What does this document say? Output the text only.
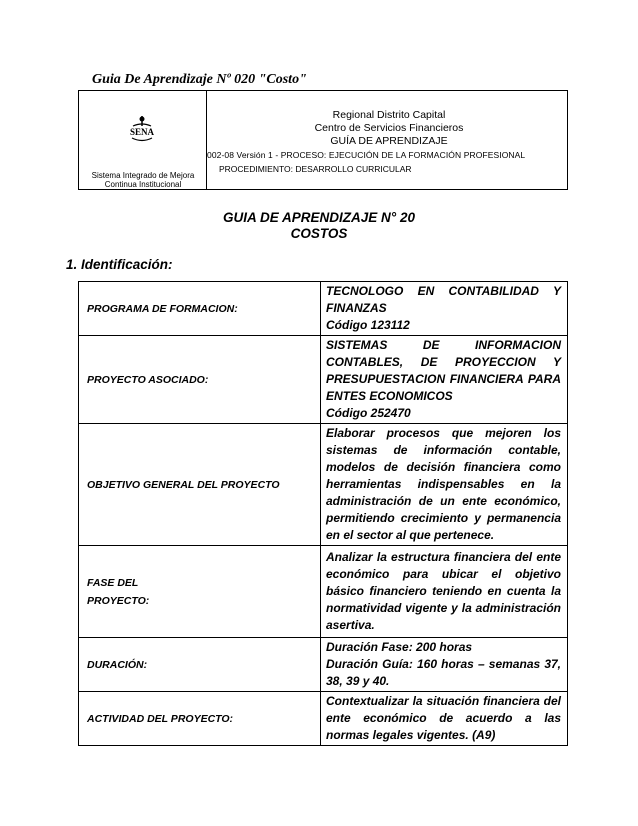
Guia De Aprendizaje Nº 020 "Costo"
SENA
Sistema Integrado de Mejora
Continua Institucional
Regional Distrito Capital
Centro de Servicios Financieros
GUÍA DE APRENDIZAJE
002-08 Versión 1 - PROCESO: EJECUCIÓN DE LA FORMACIÓN PROFESIONAL
PROCEDIMIENTO: DESARROLLO CURRICULAR
GUIA DE APRENDIZAJE N° 20
COSTOS
1. Identificación:
PROGRAMA DE FORMACION:	TECNOLOGO EN CONTABILIDAD Y FINANZAS
Código 123112

PROYECTO ASOCIADO:	SISTEMAS DE INFORMACION CONTABLES, DE PROYECCION Y PRESUPUESTACION FINANCIERA PARA ENTES ECONOMICOS
Código 252470

OBJETIVO GENERAL DEL PROYECTO	Elaborar procesos que mejoren los sistemas de información contable, modelos de decisión financiera como herramientas indispensables en la administración de un ente económico, permitiendo crecimiento y permanencia en el sector al que pertenece.

FASE DEL
PROYECTO:	Analizar la estructura financiera del ente económico para ubicar el objetivo básico financiero teniendo en cuenta la normatividad vigente y la administración asertiva.

DURACIÓN:	Duración Fase: 200 horas
Duración Guía: 160 horas – semanas 37, 38, 39 y 40.

ACTIVIDAD DEL PROYECTO:	Contextualizar la situación financiera del ente económico de acuerdo a las normas legales vigentes. (A9)
